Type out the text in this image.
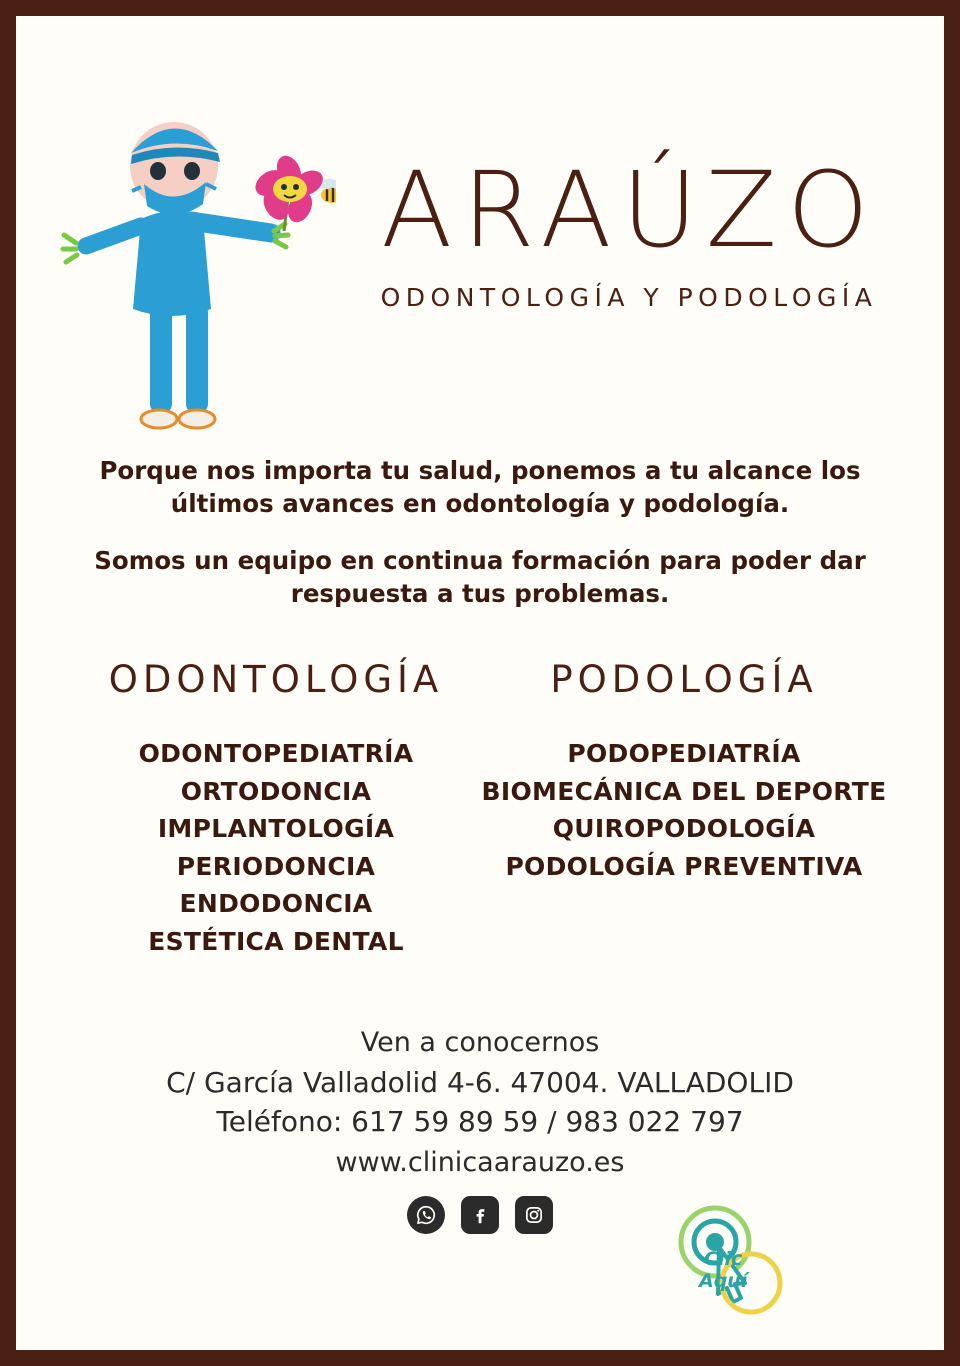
ARAÚZO
ODONTOLOGÍA Y PODOLOGÍA

Porque nos importa tu salud, ponemos a tu alcance los últimos avances en odontología y podología.

Somos un equipo en continua formación para poder dar respuesta a tus problemas.

ODONTOLOGÍA
ODONTOPEDIATRÍA
ORTODONCIA
IMPLANTOLOGÍA
PERIODONCIA
ENDODONCIA
ESTÉTICA DENTAL
PODOLOGÍA
PODOPEDIATRÍA
BIOMECÁNICA DEL DEPORTE
QUIROPODOLOGÍA
PODOLOGÍA PREVENTIVA
Ven a conocernos
C/ García Valladolid 4-6. 47004. VALLADOLID
Teléfono: 617 59 89 59 / 983 022 797
www.clinicaarauzo.es
Clic
Aquí
